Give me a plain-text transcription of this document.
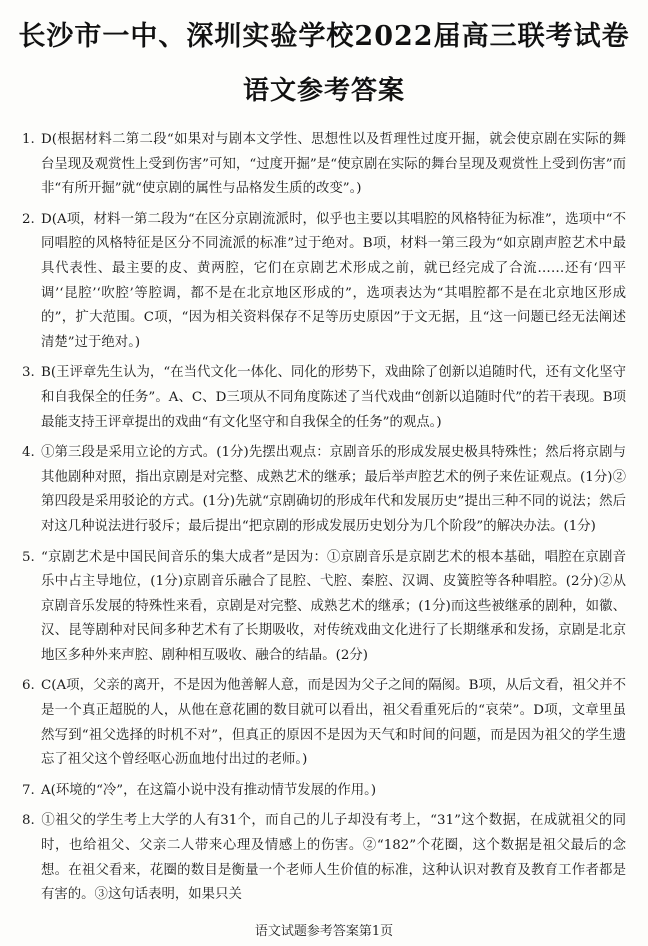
长沙市一中、深圳实验学校2022届高三联考试卷
语文参考答案

1. D(根据材料二第二段“如果对与剧本文学性、思想性以及哲理性过度开掘，就会使京剧在实际的舞台呈现及观赏性上受到伤害”可知，“过度开掘”是“使京剧在实际的舞台呈现及观赏性上受到伤害”而非“有所开掘”就“使京剧的属性与品格发生质的改变”。)

2. D(A项，材料一第二段为“在区分京剧流派时，似乎也主要以其唱腔的风格特征为标准”，选项中“不同唱腔的风格特征是区分不同流派的标准”过于绝对。B项，材料一第三段为“如京剧声腔艺术中最具代表性、最主要的皮、黄两腔，它们在京剧艺术形成之前，就已经完成了合流……还有‘四平调’‘昆腔’‘吹腔’等腔调，都不是在北京地区形成的”，选项表达为“其唱腔都不是在北京地区形成的”，扩大范围。C项，“因为相关资料保存不足等历史原因”于文无据，且“这一问题已经无法阐述清楚”过于绝对。)

3. B(王评章先生认为，“在当代文化一体化、同化的形势下，戏曲除了创新以追随时代，还有文化坚守和自我保全的任务”。A、C、D三项从不同角度陈述了当代戏曲“创新以追随时代”的若干表现。B项最能支持王评章提出的戏曲“有文化坚守和自我保全的任务”的观点。)

4. ①第三段是采用立论的方式。(1分)先摆出观点：京剧音乐的形成发展史极具特殊性；然后将京剧与其他剧种对照，指出京剧是对完整、成熟艺术的继承；最后举声腔艺术的例子来佐证观点。(1分)②第四段是采用驳论的方式。(1分)先就“京剧确切的形成年代和发展历史”提出三种不同的说法；然后对这几种说法进行驳斥；最后提出“把京剧的形成发展历史划分为几个阶段”的解决办法。(1分)

5. “京剧艺术是中国民间音乐的集大成者”是因为：①京剧音乐是京剧艺术的根本基础，唱腔在京剧音乐中占主导地位，(1分)京剧音乐融合了昆腔、弋腔、秦腔、汉调、皮簧腔等各种唱腔。(2分)②从京剧音乐发展的特殊性来看，京剧是对完整、成熟艺术的继承；(1分)而这些被继承的剧种，如徽、汉、昆等剧种对民间多种艺术有了长期吸收，对传统戏曲文化进行了长期继承和发扬，京剧是北京地区多种外来声腔、剧种相互吸收、融合的结晶。(2分)

6. C(A项，父亲的离开，不是因为他善解人意，而是因为父子之间的隔阂。B项，从后文看，祖父并不是一个真正超脱的人，从他在意花圃的数目就可以看出，祖父看重死后的“哀荣”。D项，文章里虽然写到“祖父选择的时机不对”，但真正的原因不是因为天气和时间的问题，而是因为祖父的学生遗忘了祖父这个曾经呕心沥血地付出过的老师。)

7. A(环境的“冷”，在这篇小说中没有推动情节发展的作用。)

8. ①祖父的学生考上大学的人有31个，而自己的儿子却没有考上，“31”这个数据，在成就祖父的同时，也给祖父、父亲二人带来心理及情感上的伤害。②“182”个花圈，这个数据是祖父最后的念想。在祖父看来，花圈的数目是衡量一个老师人生价值的标准，这种认识对教育及教育工作者都是有害的。③这句话表明，如果只关

语文试题参考答案第1页
